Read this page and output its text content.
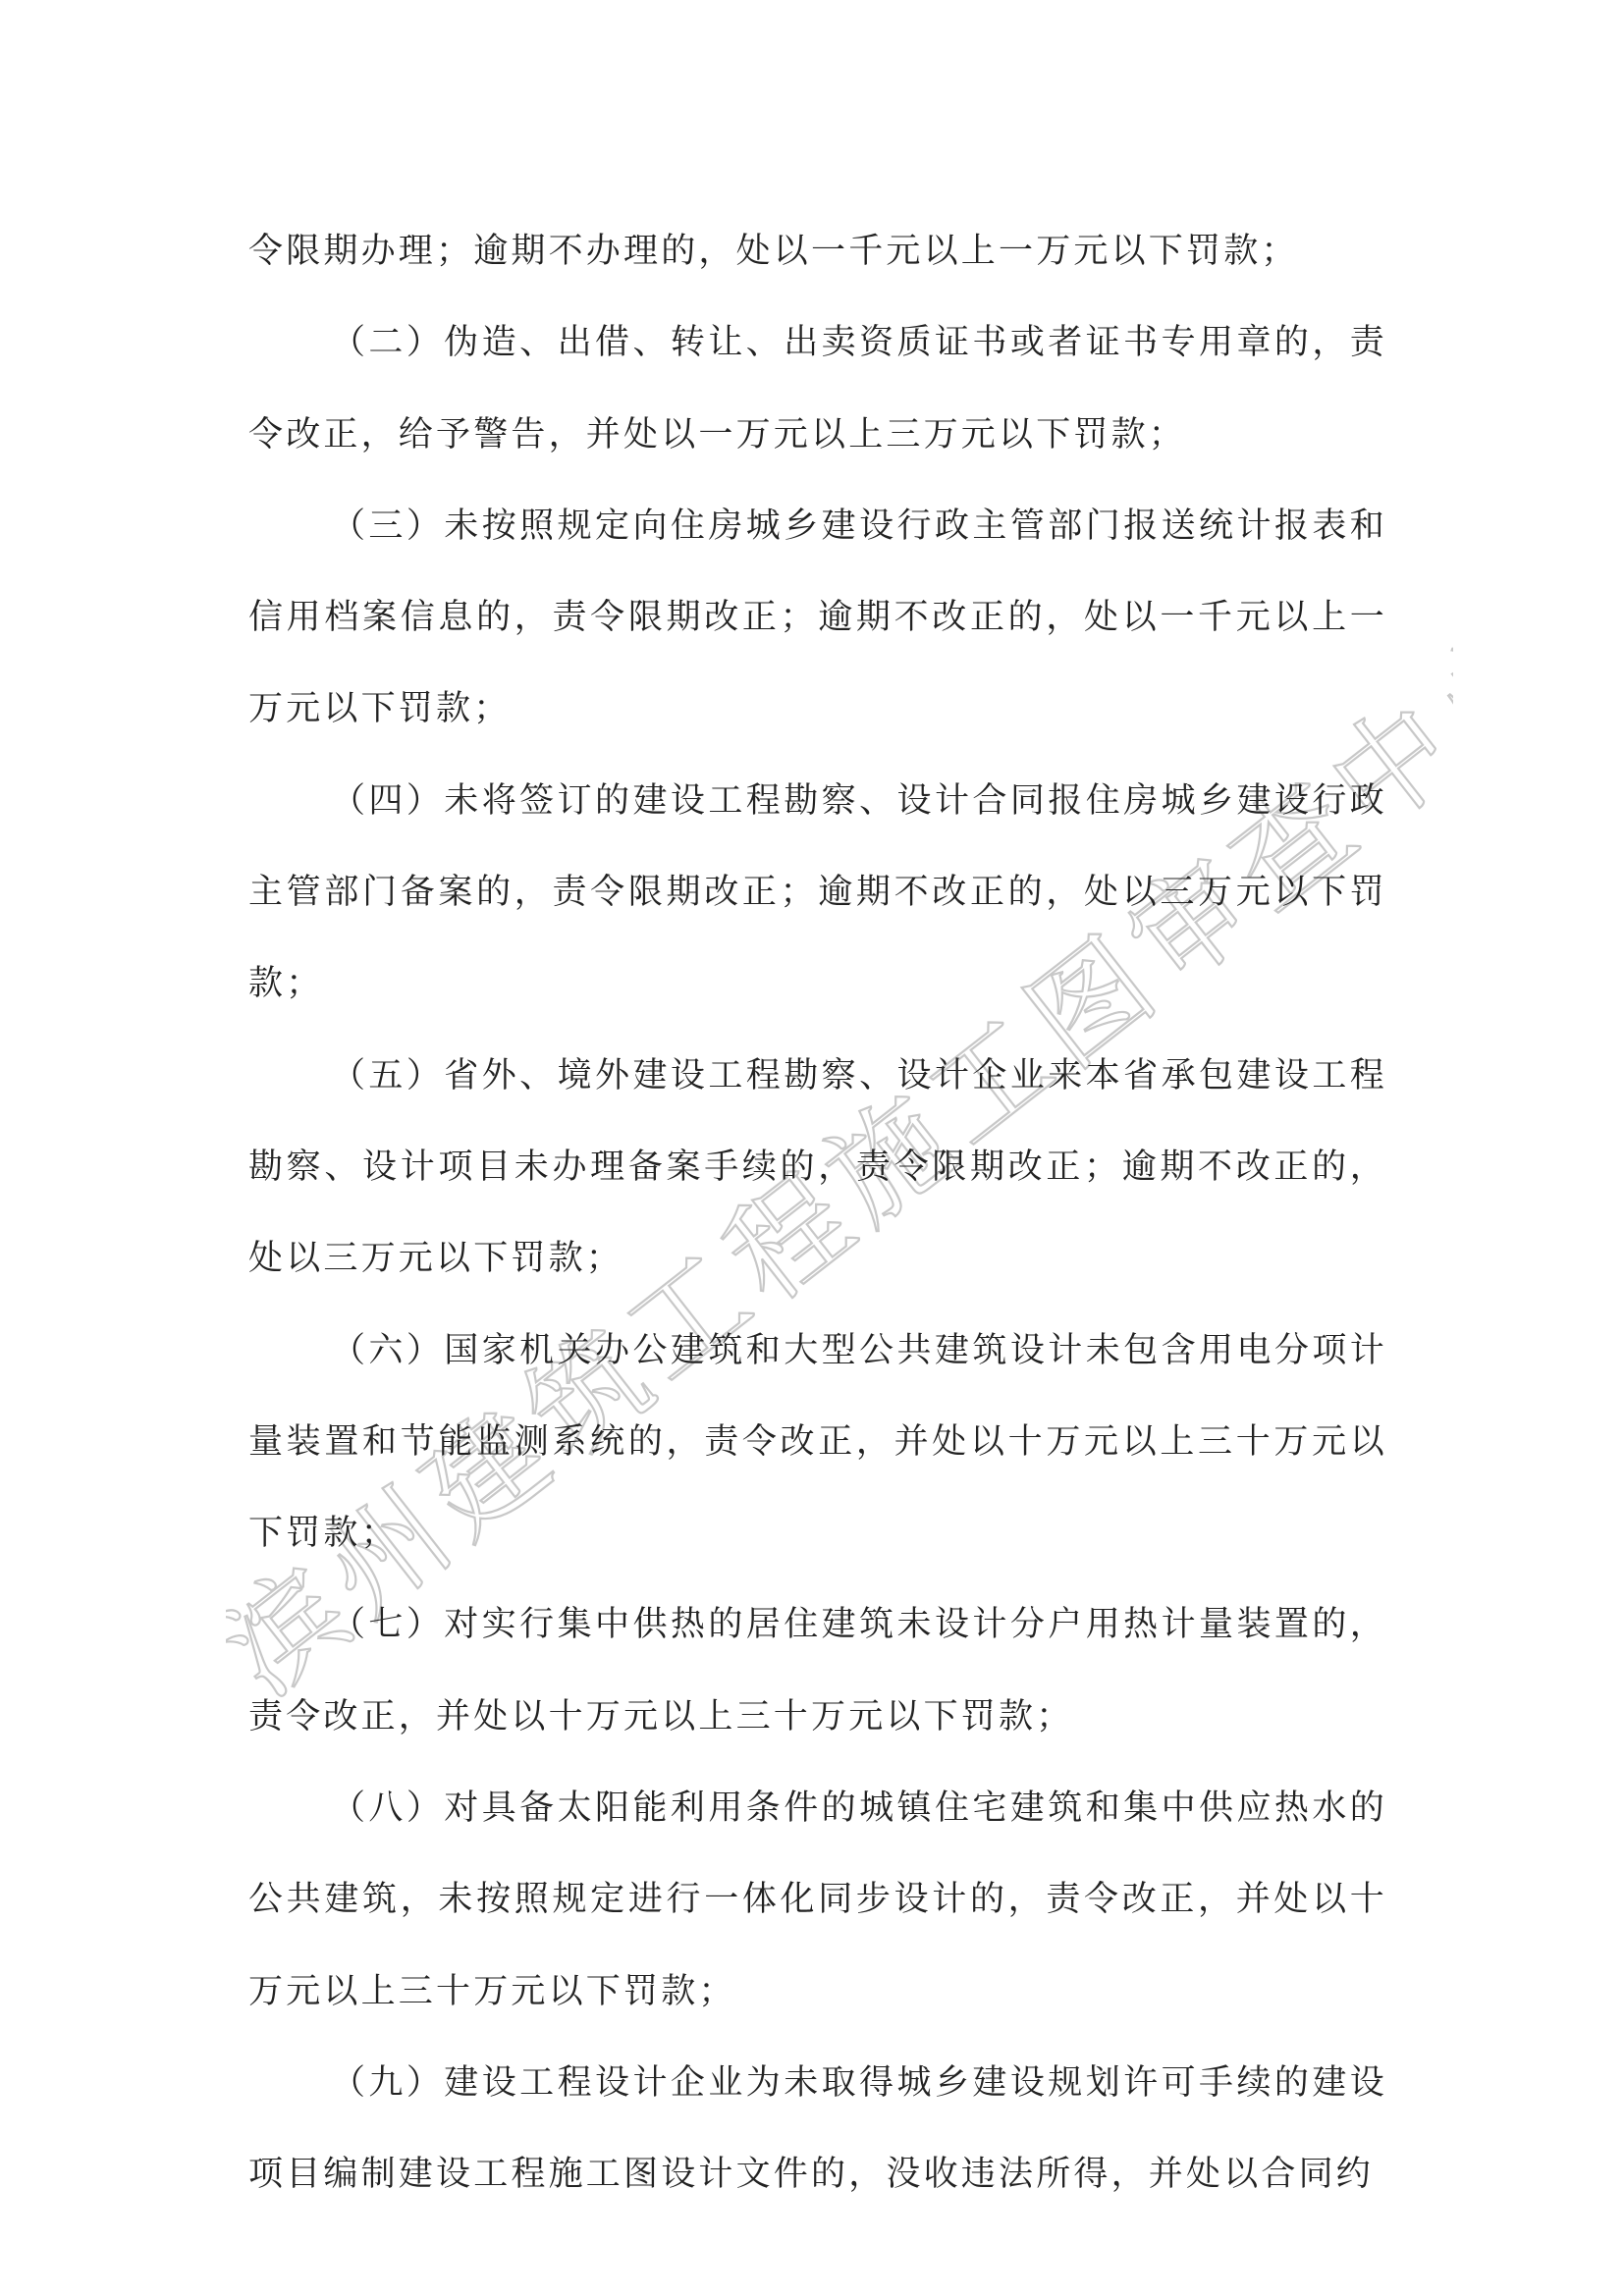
滨州建筑工程施工图审查中心

令限期办理；逾期不办理的，处以一千元以上一万元以下罚款；

（二）伪造、出借、转让、出卖资质证书或者证书专用章的，责令改正，给予警告，并处以一万元以上三万元以下罚款；

（三）未按照规定向住房城乡建设行政主管部门报送统计报表和信用档案信息的，责令限期改正；逾期不改正的，处以一千元以上一万元以下罚款；

（四）未将签订的建设工程勘察、设计合同报住房城乡建设行政主管部门备案的，责令限期改正；逾期不改正的，处以三万元以下罚款；

（五）省外、境外建设工程勘察、设计企业来本省承包建设工程勘察、设计项目未办理备案手续的，责令限期改正；逾期不改正的，处以三万元以下罚款；

（六）国家机关办公建筑和大型公共建筑设计未包含用电分项计量装置和节能监测系统的，责令改正，并处以十万元以上三十万元以下罚款；

（七）对实行集中供热的居住建筑未设计分户用热计量装置的，责令改正，并处以十万元以上三十万元以下罚款；

（八）对具备太阳能利用条件的城镇住宅建筑和集中供应热水的公共建筑，未按照规定进行一体化同步设计的，责令改正，并处以十万元以上三十万元以下罚款；

（九）建设工程设计企业为未取得城乡建设规划许可手续的建设项目编制建设工程施工图设计文件的，没收违法所得，并处以合同约
